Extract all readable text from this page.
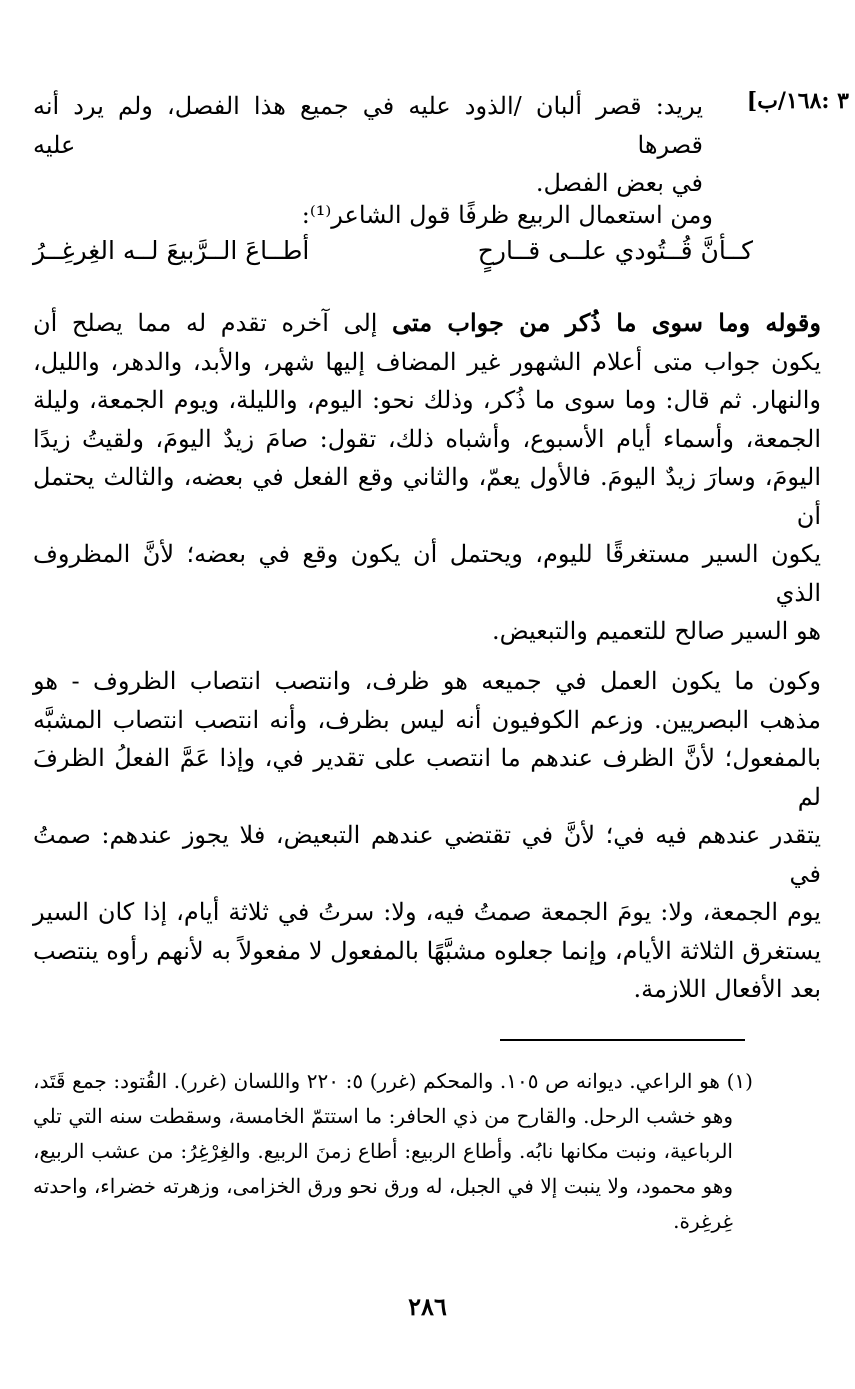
٣ :١٦٨/ب]
يريد: قصر ألبان /الذود عليه في جميع هذا الفصل، ولم يرد أنه قصرها عليه
في بعض الفصل.
ومن استعمال الربيع ظرفًا قول الشاعر⁽¹⁾:
كــأنَّ قُــتُودي علــى قــارحٍ
أطــاعَ الــرَّبيعَ لــه الغِرغِــرُ
وقوله وما سوى ما ذُكر من جواب متى إلى آخره تقدم له مما يصلح أن
يكون جواب متى أعلام الشهور غير المضاف إليها شهر، والأبد، والدهر، والليل،
والنهار. ثم قال: وما سوى ما ذُكر، وذلك نحو: اليوم، والليلة، ويوم الجمعة، وليلة
الجمعة، وأسماء أيام الأسبوع، وأشباه ذلك، تقول: صامَ زيدٌ اليومَ، ولقيتُ زيدًا
اليومَ، وسارَ زيدٌ اليومَ. فالأول يعمّ، والثاني وقع الفعل في بعضه، والثالث يحتمل أن
يكون السير مستغرقًا لليوم، ويحتمل أن يكون وقع في بعضه؛ لأنَّ المظروف الذي
هو السير صالح للتعميم والتبعيض.
وكون ما يكون العمل في جميعه هو ظرف، وانتصب انتصاب الظروف - هو
مذهب البصريين. وزعم الكوفيون أنه ليس بظرف، وأنه انتصب انتصاب المشبَّه
بالمفعول؛ لأنَّ الظرف عندهم ما انتصب على تقدير في، وإذا عَمَّ الفعلُ الظرفَ لم
يتقدر عندهم فيه في؛ لأنَّ في تقتضي عندهم التبعيض، فلا يجوز عندهم: صمتُ في
يوم الجمعة، ولا: يومَ الجمعة صمتُ فيه، ولا: سرتُ في ثلاثة أيام، إذا كان السير
يستغرق الثلاثة الأيام، وإنما جعلوه مشبَّهًا بالمفعول لا مفعولاً به لأنهم رأوه ينتصب
بعد الأفعال اللازمة.
(١) هو الراعي. ديوانه ص ١٠٥. والمحكم (غرر) ٥: ٢٢٠ واللسان (غرر). القُتود: جمع قَتَد،
وهو خشب الرحل. والقارح من ذي الحافر: ما استتمّ الخامسة، وسقطت سنه التي تلي
الرباعية، ونبت مكانها نابُه. وأطاع الربيع: أطاع زمنَ الربيع. والغِرْغِرُ: من عشب الربيع،
وهو محمود، ولا ينبت إلا في الجبل، له ورق نحو ورق الخزامى، وزهرته خضراء، واحدته
غِرغِرة.
٢٨٦
